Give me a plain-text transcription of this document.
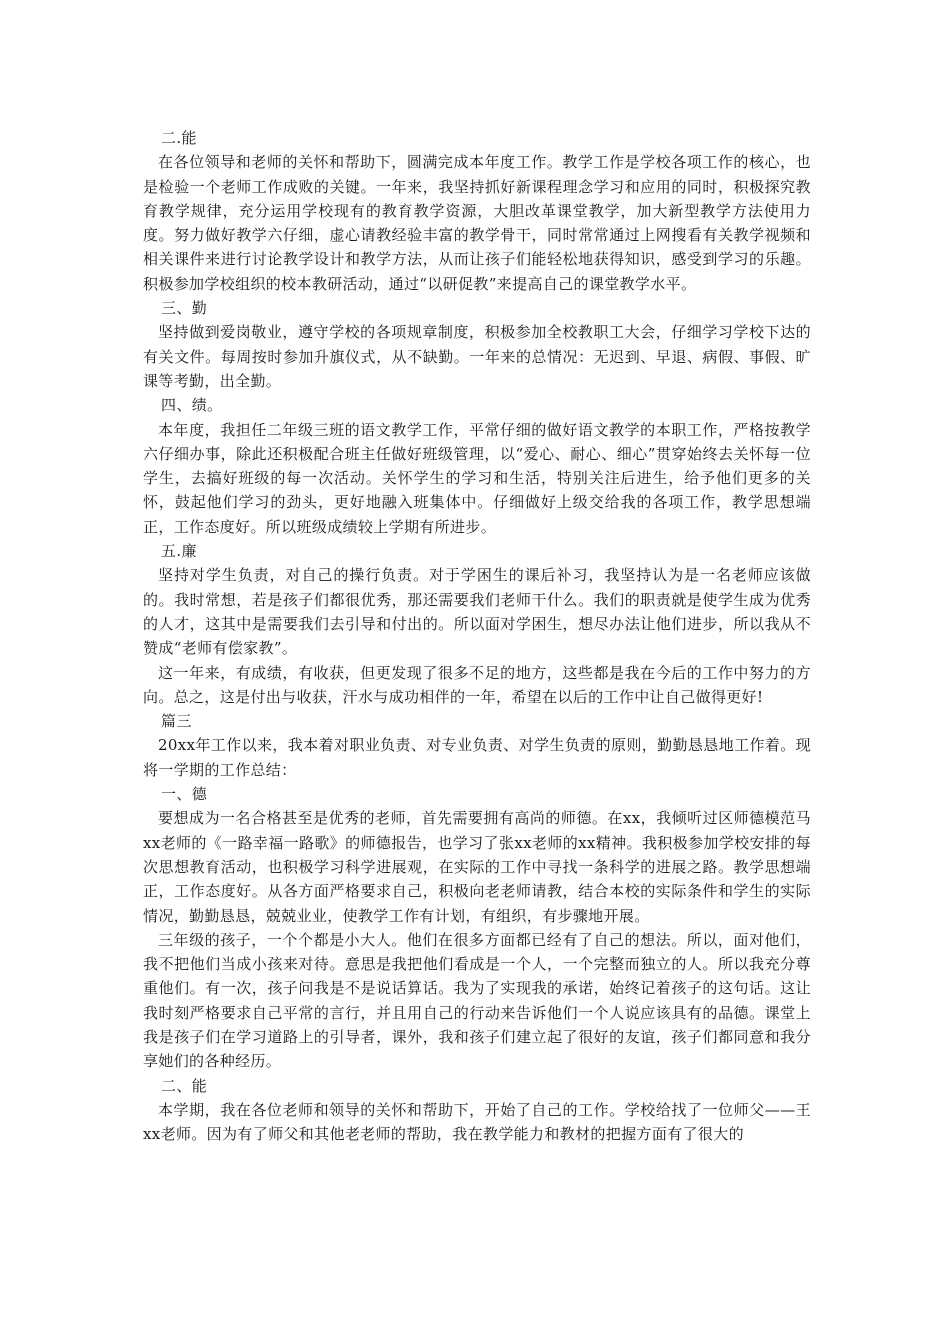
二.能

在各位领导和老师的关怀和帮助下，圆满完成本年度工作。教学工作是学校各项工作的核心，也是检验一个老师工作成败的关键。一年来，我坚持抓好新课程理念学习和应用的同时，积极探究教育教学规律，充分运用学校现有的教育教学资源，大胆改革课堂教学，加大新型教学方法使用力度。努力做好教学六仔细，虚心请教经验丰富的教学骨干，同时常常通过上网搜看有关教学视频和相关课件来进行讨论教学设计和教学方法，从而让孩子们能轻松地获得知识，感受到学习的乐趣。积极参加学校组织的校本教研活动，通过“以研促教”来提高自己的课堂教学水平。

三、勤

坚持做到爱岗敬业，遵守学校的各项规章制度，积极参加全校教职工大会，仔细学习学校下达的有关文件。每周按时参加升旗仪式，从不缺勤。一年来的总情况：无迟到、早退、病假、事假、旷课等考勤，出全勤。

四、绩。

本年度，我担任二年级三班的语文教学工作，平常仔细的做好语文教学的本职工作，严格按教学六仔细办事，除此还积极配合班主任做好班级管理，以“爱心、耐心、细心”贯穿始终去关怀每一位学生，去搞好班级的每一次活动。关怀学生的学习和生活，特别关注后进生，给予他们更多的关怀，鼓起他们学习的劲头，更好地融入班集体中。仔细做好上级交给我的各项工作，教学思想端正，工作态度好。所以班级成绩较上学期有所进步。

五.廉

坚持对学生负责，对自己的操行负责。对于学困生的课后补习，我坚持认为是一名老师应该做的。我时常想，若是孩子们都很优秀，那还需要我们老师干什么。我们的职责就是使学生成为优秀的人才，这其中是需要我们去引导和付出的。所以面对学困生，想尽办法让他们进步，所以我从不赞成“老师有偿家教”。

这一年来，有成绩，有收获，但更发现了很多不足的地方，这些都是我在今后的工作中努力的方向。总之，这是付出与收获，汗水与成功相伴的一年，希望在以后的工作中让自己做得更好!

篇三

20xx年工作以来，我本着对职业负责、对专业负责、对学生负责的原则，勤勤恳恳地工作着。现将一学期的工作总结：

一、德

要想成为一名合格甚至是优秀的老师，首先需要拥有高尚的师德。在xx，我倾听过区师德模范马xx老师的《一路幸福一路歌》的师德报告，也学习了张xx老师的xx精神。我积极参加学校安排的每次思想教育活动，也积极学习科学进展观，在实际的工作中寻找一条科学的进展之路。教学思想端正，工作态度好。从各方面严格要求自己，积极向老老师请教，结合本校的实际条件和学生的实际情况，勤勤恳恳，兢兢业业，使教学工作有计划，有组织，有步骤地开展。

三年级的孩子，一个个都是小大人。他们在很多方面都已经有了自己的想法。所以，面对他们，我不把他们当成小孩来对待。意思是我把他们看成是一个人，一个完整而独立的人。所以我充分尊重他们。有一次，孩子问我是不是说话算话。我为了实现我的承诺，始终记着孩子的这句话。这让我时刻严格要求自己平常的言行，并且用自己的行动来告诉他们一个人说应该具有的品德。课堂上我是孩子们在学习道路上的引导者，课外，我和孩子们建立起了很好的友谊，孩子们都同意和我分享她们的各种经历。

二、能

本学期，我在各位老师和领导的关怀和帮助下，开始了自己的工作。学校给找了一位师父——王xx老师。因为有了师父和其他老老师的帮助，我在教学能力和教材的把握方面有了很大的
